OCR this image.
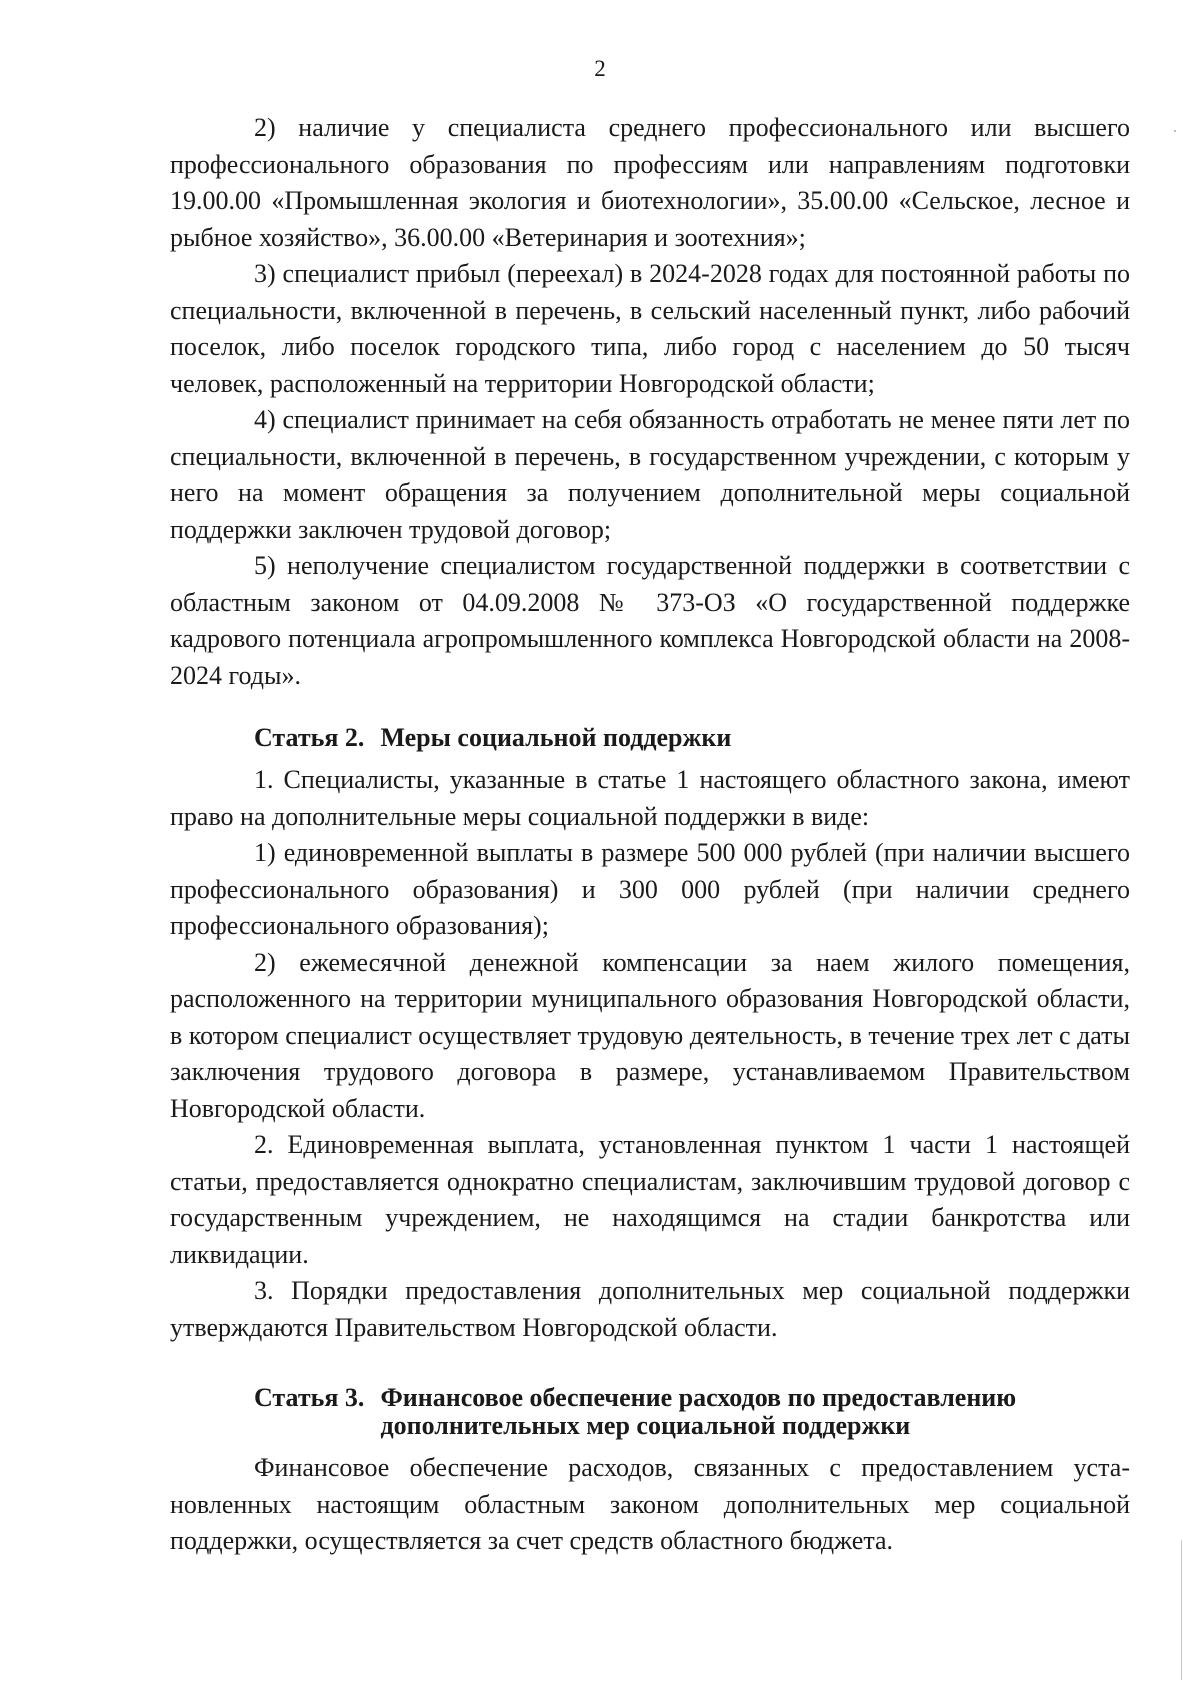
2

2) наличие у специалиста среднего профессионального или высшего профессионального образования по профессиям или направлениям подготовки 19.00.00 «Промышленная экология и биотехнологии», 35.00.00 «Сельское, лесное и рыбное хозяйство», 36.00.00 «Ветеринария и зоотехния»;

3) специалист прибыл (переехал) в 2024-2028 годах для постоянной работы по специальности, включенной в перечень, в сельский населенный пункт, либо рабочий поселок, либо поселок городского типа, либо город с населением до 50 тысяч человек, расположенный на территории Новгородской области;

4) специалист принимает на себя обязанность отработать не менее пяти лет по специальности, включенной в перечень, в государственном учреждении, с которым у него на момент обращения за получением дополнительной меры социальной поддержки заключен трудовой договор;

5) неполучение специалистом государственной поддержки в соответствии с областным законом от 04.09.2008 № 373-ОЗ «О государственной поддержке кадрового потенциала агропромышленного комплекса Новгородской области на 2008-2024 годы».

Статья 2. Меры социальной поддержки

1. Специалисты, указанные в статье 1 настоящего областного закона, имеют право на дополнительные меры социальной поддержки в виде:

1) единовременной выплаты в размере 500 000 рублей (при наличии высшего профессионального образования) и 300 000 рублей (при наличии среднего профессионального образования);

2) ежемесячной денежной компенсации за наем жилого помещения, расположенного на территории муниципального образования Новгородской области, в котором специалист осуществляет трудовую деятельность, в течение трех лет с даты заключения трудового договора в размере, устанавливаемом Правительством Новгородской области.

2. Единовременная выплата, установленная пунктом 1 части 1 настоящей статьи, предоставляется однократно специалистам, заключившим трудовой договор с государственным учреждением, не находящимся на стадии банкротства или ликвидации.

3. Порядки предоставления дополнительных мер социальной поддержки утверждаются Правительством Новгородской области.

Статья 3. Финансовое обеспечение расходов по предоставлению
дополнительных мер социальной поддержки

Финансовое обеспечение расходов, связанных с предоставлением установленных настоящим областным законом дополнительных мер социальной поддержки, осуществляется за счет средств областного бюджета.
